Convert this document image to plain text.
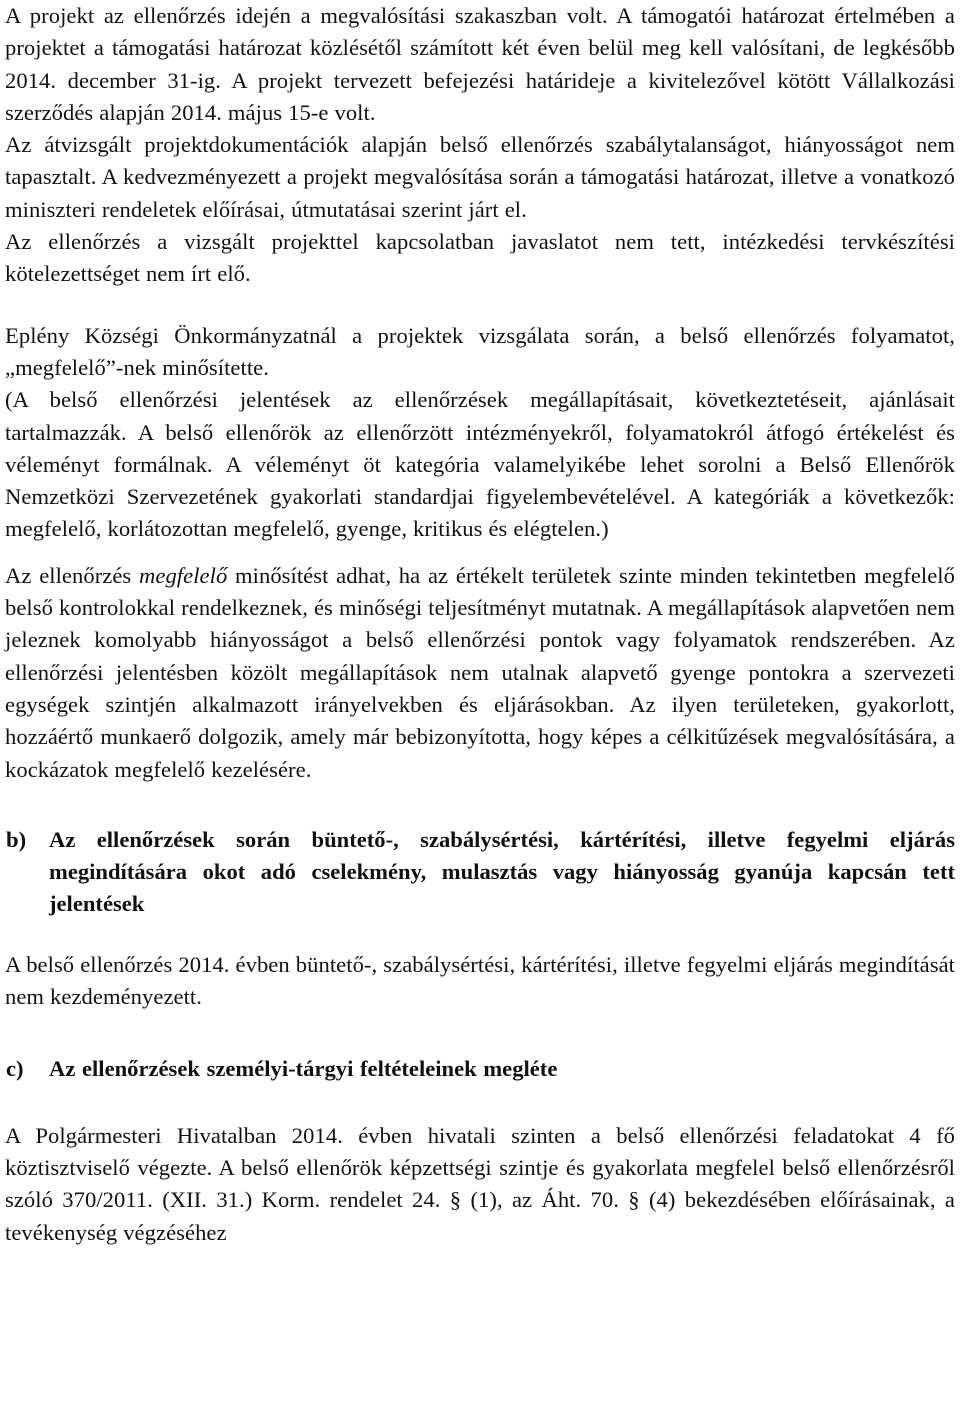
A projekt az ellenőrzés idején a megvalósítási szakaszban volt. A támogatói határozat értelmében a projektet a támogatási határozat közlésétől számított két éven belül meg kell valósítani, de legkésőbb 2014. december 31-ig. A projekt tervezett befejezési határideje a kivitelezővel kötött Vállalkozási szerződés alapján 2014. május 15-e volt.

Az átvizsgált projektdokumentációk alapján belső ellenőrzés szabálytalanságot, hiányosságot nem tapasztalt. A kedvezményezett a projekt megvalósítása során a támogatási határozat, illetve a vonatkozó miniszteri rendeletek előírásai, útmutatásai szerint járt el.

Az ellenőrzés a vizsgált projekttel kapcsolatban javaslatot nem tett, intézkedési tervkészítési kötelezettséget nem írt elő.

Eplény Községi Önkormányzatnál a projektek vizsgálata során, a belső ellenőrzés folyamatot, „megfelelő”-nek minősítette.

(A belső ellenőrzési jelentések az ellenőrzések megállapításait, következtetéseit, ajánlásait tartalmazzák. A belső ellenőrök az ellenőrzött intézményekről, folyamatokról átfogó értékelést és véleményt formálnak. A véleményt öt kategória valamelyikébe lehet sorolni a Belső Ellenőrök Nemzetközi Szervezetének gyakorlati standardjai figyelembevételével. A kategóriák a következők: megfelelő, korlátozottan megfelelő, gyenge, kritikus és elégtelen.)

Az ellenőrzés megfelelő minősítést adhat, ha az értékelt területek szinte minden tekintetben megfelelő belső kontrolokkal rendelkeznek, és minőségi teljesítményt mutatnak. A megállapítások alapvetően nem jeleznek komolyabb hiányosságot a belső ellenőrzési pontok vagy folyamatok rendszerében. Az ellenőrzési jelentésben közölt megállapítások nem utalnak alapvető gyenge pontokra a szervezeti egységek szintjén alkalmazott irányelvekben és eljárásokban. Az ilyen területeken, gyakorlott, hozzáértő munkaerő dolgozik, amely már bebizonyította, hogy képes a célkitűzések megvalósítására, a kockázatok megfelelő kezelésére.

b)	Az ellenőrzések során büntető-, szabálysértési, kártérítési, illetve fegyelmi eljárás megindítására okot adó cselekmény, mulasztás vagy hiányosság gyanúja kapcsán tett jelentések

A belső ellenőrzés 2014. évben büntető-, szabálysértési, kártérítési, illetve fegyelmi eljárás megindítását nem kezdeményezett.

c)	Az ellenőrzések személyi-tárgyi feltételeinek megléte

A Polgármesteri Hivatalban 2014. évben hivatali szinten a belső ellenőrzési feladatokat 4 fő köztisztviselő végezte. A belső ellenőrök képzettségi szintje és gyakorlata megfelel belső ellenőrzésről szóló 370/2011. (XII. 31.) Korm. rendelet 24. § (1), az Áht. 70. § (4) bekezdésében előírásainak, a tevékenység végzéséhez
